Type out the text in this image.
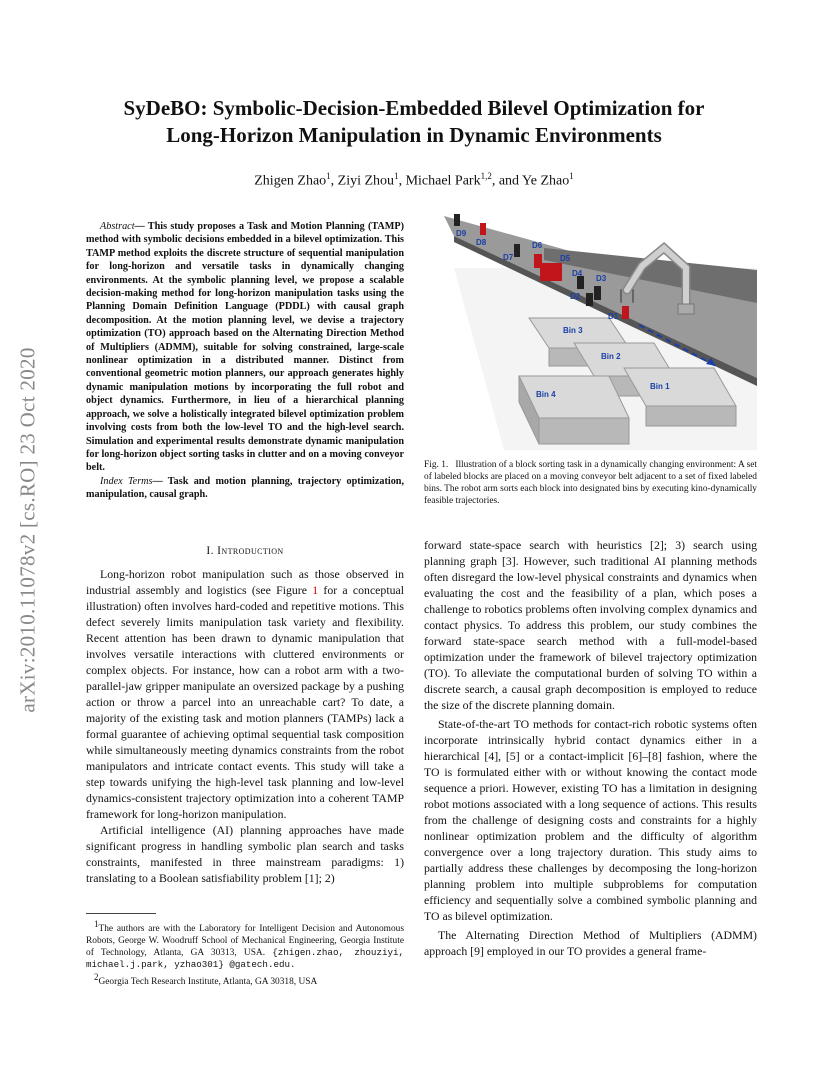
SyDeBO: Symbolic-Decision-Embedded Bilevel Optimization for
Long-Horizon Manipulation in Dynamic Environments
Zhigen Zhao$^1$, Ziyi Zhou$^1$, Michael Park$^{1,2}$, and Ye Zhao$^1$
arXiv:2010.11078v2 [cs.RO] 23 Oct 2020
Abstract— This study proposes a Task and Motion Planning (TAMP) method with symbolic decisions embedded in a bilevel optimization. This TAMP method exploits the discrete structure of sequential manipulation for long-horizon and versatile tasks in dynamically changing environments. At the symbolic planning level, we propose a scalable decision-making method for long-horizon manipulation tasks using the Planning Domain Definition Language (PDDL) with causal graph decomposition. At the motion planning level, we devise a trajectory optimization (TO) approach based on the Alternating Direction Method of Multipliers (ADMM), suitable for solving constrained, large-scale nonlinear optimization in a distributed manner. Distinct from conventional geometric motion planners, our approach generates highly dynamic manipulation motions by incorporating the full robot and object dynamics. Furthermore, in lieu of a hierarchical planning approach, we solve a holistically integrated bilevel optimization problem involving costs from both the low-level TO and the high-level search. Simulation and experimental results demonstrate dynamic manipulation for long-horizon object sorting tasks in clutter and on a moving conveyor belt.
Index Terms— Task and motion planning, trajectory optimization, manipulation, causal graph.
I. Introduction

Long-horizon robot manipulation such as those observed in industrial assembly and logistics (see Figure 1 for a conceptual illustration) often involves hard-coded and repetitive motions. This defect severely limits manipulation task variety and flexibility. Recent attention has been drawn to dynamic manipulation that involves versatile interactions with cluttered environments or complex objects. For instance, how can a robot arm with a two-parallel-jaw gripper manipulate an oversized package by a pushing action or throw a parcel into an unreachable cart? To date, a majority of the existing task and motion planners (TAMPs) lack a formal guarantee of achieving optimal sequential task composition while simultaneously meeting dynamics constraints from the robot manipulators and intricate contact events. This study will take a step towards unifying the high-level task planning and low-level dynamics-consistent trajectory optimization into a coherent TAMP framework for long-horizon manipulation.

Artificial intelligence (AI) planning approaches have made significant progress in handling symbolic plan search and tasks constraints, manifested in three mainstream paradigms: 1) translating to a Boolean satisfiability problem [1]; 2)

$^1$The authors are with the Laboratory for Intelligent Decision and Autonomous Robots, George W. Woodruff School of Mechanical Engineering, Georgia Institute of Technology, Atlanta, GA 30313, USA. {zhigen.zhao, zhouziyi, michael.j.park, yzhao301} @gatech.edu.
$^2$Georgia Tech Research Institute, Atlanta, GA 30318, USA
D9
D8
D7
D6
D5
D4
D3
D2
D1
Bin 3
Bin 2
Bin 1
Bin 4
Fig. 1. Illustration of a block sorting task in a dynamically changing environment: A set of labeled blocks are placed on a moving conveyor belt adjacent to a set of fixed labeled bins. The robot arm sorts each block into designated bins by executing kino-dynamically feasible trajectories.

forward state-space search with heuristics [2]; 3) search using planning graph [3]. However, such traditional AI planning methods often disregard the low-level physical constraints and dynamics when evaluating the cost and the feasibility of a plan, which poses a challenge to robotics problems often involving complex dynamics and contact physics. To address this problem, our study combines the forward state-space search method with a full-model-based optimization under the framework of bilevel trajectory optimization (TO). To alleviate the computational burden of solving TO within a discrete search, a causal graph decomposition is employed to reduce the size of the discrete planning domain.

State-of-the-art TO methods for contact-rich robotic systems often incorporate intrinsically hybrid contact dynamics either in a hierarchical [4], [5] or a contact-implicit [6]–[8] fashion, where the TO is formulated either with or without knowing the contact mode sequence a priori. However, existing TO has a limitation in designing robot motions associated with a long sequence of actions. This results from the challenge of designing costs and constraints for a highly nonlinear optimization problem and the difficulty of algorithm convergence over a long trajectory duration. This study aims to partially address these challenges by decomposing the long-horizon planning problem into multiple subproblems for computation efficiency and sequentially solve a combined symbolic planning and TO as bilevel optimization.

The Alternating Direction Method of Multipliers (ADMM) approach [9] employed in our TO provides a general frame-
